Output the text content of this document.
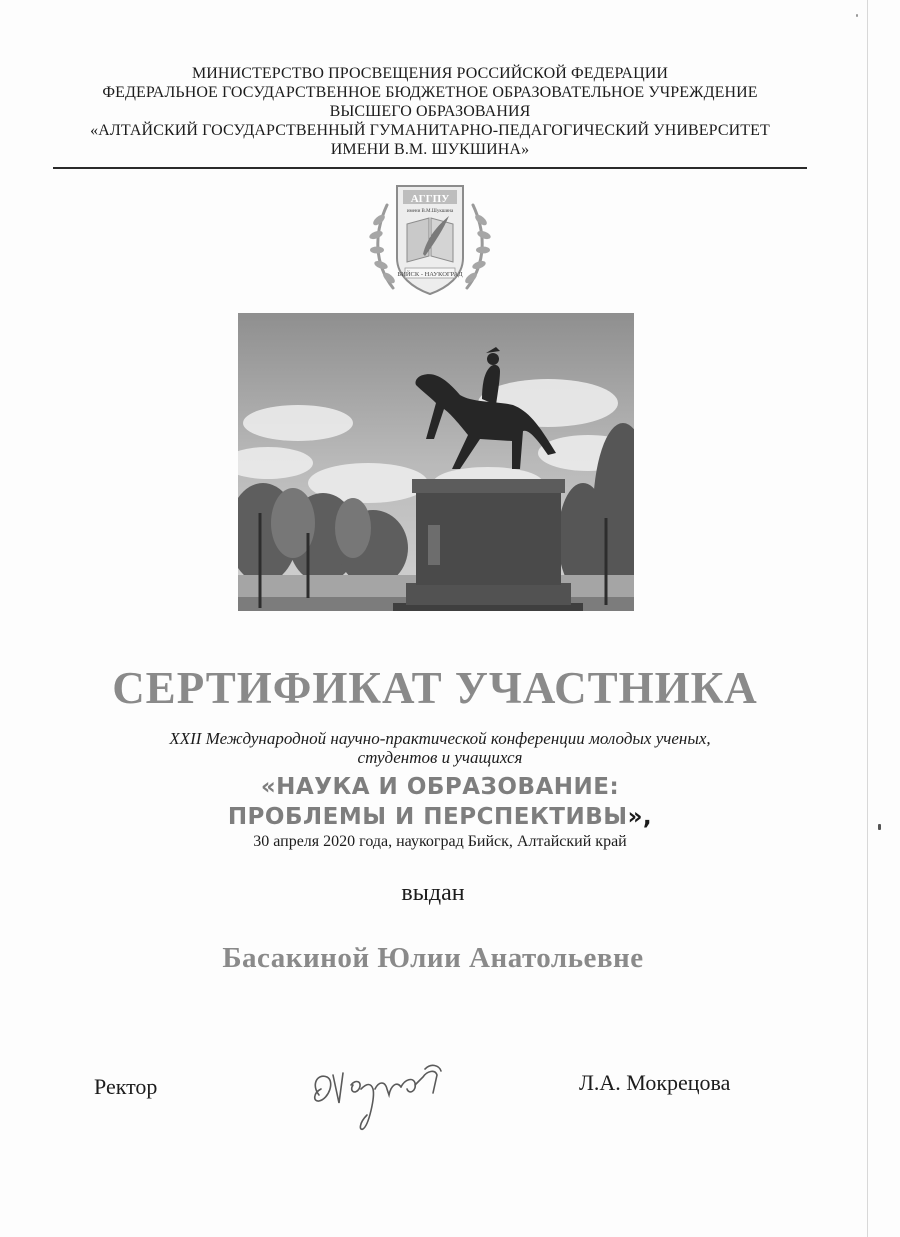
МИНИСТЕРСТВО ПРОСВЕЩЕНИЯ РОССИЙСКОЙ ФЕДЕРАЦИИ
ФЕДЕРАЛЬНОЕ ГОСУДАРСТВЕННОЕ БЮДЖЕТНОЕ ОБРАЗОВАТЕЛЬНОЕ УЧРЕЖДЕНИЕ
ВЫСШЕГО ОБРАЗОВАНИЯ
«АЛТАЙСКИЙ ГОСУДАРСТВЕННЫЙ ГУМАНИТАРНО-ПЕДАГОГИЧЕСКИЙ УНИВЕРСИТЕТ
ИМЕНИ В.М. ШУКШИНА»
АГГПУ
имени В.М.Шукшина
БИЙСК - НАУКОГРАД
СЕРТИФИКАТ УЧАСТНИКА
XXII Международной научно-практической конференции молодых ученых,
студентов и учащихся
«НАУКА И ОБРАЗОВАНИЕ:
ПРОБЛЕМЫ И ПЕРСПЕКТИВЫ»,
30 апреля 2020 года, наукоград Бийск, Алтайский край
выдан
Басакиной Юлии Анатольевне
Ректор	Л.А. Мокрецова
